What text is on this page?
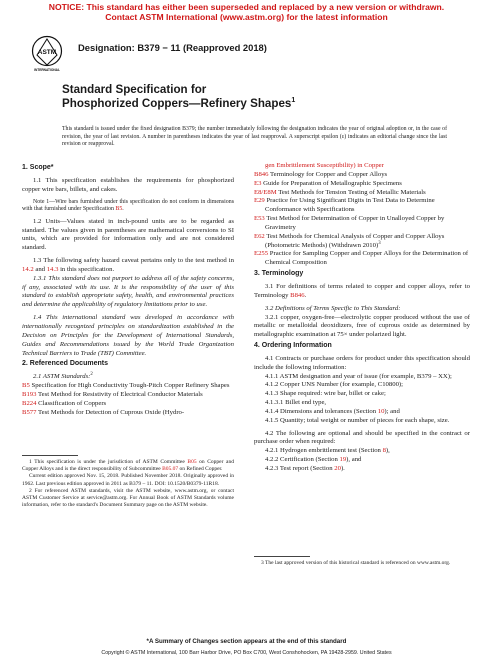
NOTICE: This standard has either been superseded and replaced by a new version or withdrawn.
Contact ASTM International (www.astm.org) for the latest information
ASTM
INTERNATIONAL
Designation: B379 − 11 (Reapproved 2018)
Standard Specification for
Phosphorized Coppers—Refinery Shapes$^1$
This standard is issued under the fixed designation B379; the number immediately following the designation indicates the year of original adoption or, in the case of revision, the year of last revision. A number in parentheses indicates the year of last reapproval. A superscript epsilon (ε) indicates an editorial change since the last revision or reapproval.

1. Scope*

1.1 This specification establishes the requirements for phosphorized copper wire bars, billets, and cakes.

Note 1—Wire bars furnished under this specification do not conform in dimensions with that furnished under Specification B5.

1.2 Units—Values stated in inch-pound units are to be regarded as standard. The values given in parentheses are mathematical conversions to SI units, which are provided for information only and are not considered standard.

1.3 The following safety hazard caveat pertains only to the test method in 14.2 and 14.3 in this specification.

1.3.1 This standard does not purport to address all of the safety concerns, if any, associated with its use. It is the responsibility of the user of this standard to establish appropriate safety, health, and environmental practices and determine the applicability of regulatory limitations prior to use.

1.4 This international standard was developed in accordance with internationally recognized principles on standardization established in the Decision on Principles for the Development of International Standards, Guides and Recommendations issued by the World Trade Organization Technical Barriers to Trade (TBT) Committee.

2. Referenced Documents

2.1 ASTM Standards:$^2$

B5 Specification for High Conductivity Tough-Pitch Copper Refinery Shapes

B193 Test Method for Resistivity of Electrical Conductor Materials

B224 Classification of Coppers

B577 Test Methods for Detection of Cuprous Oxide (Hydro-

1 This specification is under the jurisdiction of ASTM Committee B05 on Copper and Copper Alloys and is the direct responsibility of Subcommittee B05.07 on Refined Copper.

Current edition approved Nov. 15, 2018. Published November 2018. Originally approved in 1962. Last previous edition approved in 2011 as B379 – 11. DOI: 10.1520/B0379-11R18.

2 For referenced ASTM standards, visit the ASTM website, www.astm.org, or contact ASTM Customer Service at service@astm.org. For Annual Book of ASTM Standards volume information, refer to the standard's Document Summary page on the ASTM website.

gen Embrittlement Susceptibility) in Copper

B846 Terminology for Copper and Copper Alloys

E3 Guide for Preparation of Metallographic Specimens

E8/E8M Test Methods for Tension Testing of Metallic Materials

E29 Practice for Using Significant Digits in Test Data to Determine Conformance with Specifications

E53 Test Method for Determination of Copper in Unalloyed Copper by Gravimetry

E62 Test Methods for Chemical Analysis of Copper and Copper Alloys (Photometric Methods) (Withdrawn 2010)$^3$

E255 Practice for Sampling Copper and Copper Alloys for the Determination of Chemical Composition

3. Terminology

3.1 For definitions of terms related to copper and copper alloys, refer to Terminology B846.

3.2 Definitions of Terms Specific to This Standard:

3.2.1 copper, oxygen-free—electrolytic copper produced without the use of metallic or metalloidal deoxidizers, free of cuprous oxide as determined by metallographic examination at 75× under polarized light.

4. Ordering Information

4.1 Contracts or purchase orders for product under this specification should include the following information:

4.1.1 ASTM designation and year of issue (for example, B379 – XX);

4.1.2 Copper UNS Number (for example, C10800);

4.1.3 Shape required: wire bar, billet or cake;

4.1.3.1 Billet end type,

4.1.4 Dimensions and tolerances (Section 10); and

4.1.5 Quantity; total weight or number of pieces for each shape, size.

4.2 The following are optional and should be specified in the contract or purchase order when required:

4.2.1 Hydrogen embrittlement test (Section 8),

4.2.2 Certification (Section 19), and

4.2.3 Test report (Section 20).

3 The last approved version of this historical standard is referenced on www.astm.org.

*A Summary of Changes section appears at the end of this standard
Copyright © ASTM International, 100 Barr Harbor Drive, PO Box C700, West Conshohocken, PA 19428-2959. United States
